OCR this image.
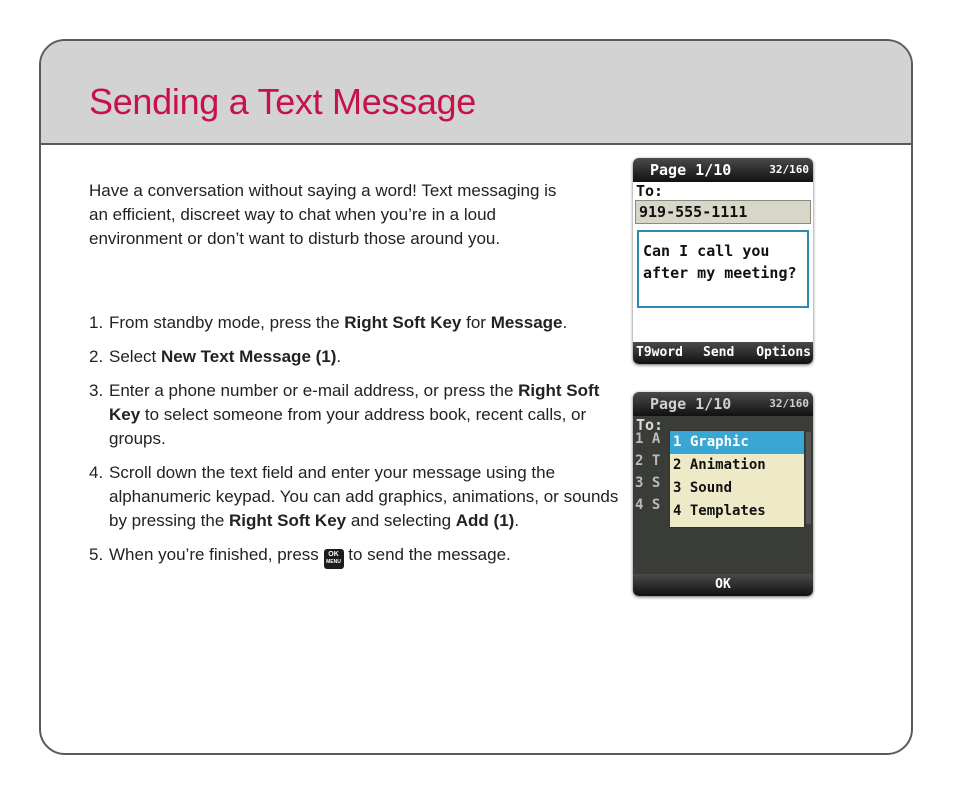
Sending a Text Message

Have a conversation without saying a word! Text messaging is an efficient, discreet way to chat when you’re in a loud environment or don’t want to disturb those around you.

1. From standby mode, press the Right Soft Key for Message.
2. Select New Text Message (1).
3. Enter a phone number or e-mail address, or press the Right Soft Key to select someone from your address book, recent calls, or groups.
4. Scroll down the text field and enter your message using the alphanumeric keypad. You can add graphics, animations, or sounds by pressing the Right Soft Key and selecting Add (1).
5. When you’re finished, press OK
MENU to send the message.
Page 1/10	32/160
To:
919-555-1111
Can I call you
after my meeting?
T9word Send Options
Page 1/10	32/160
To:
1 A
2 T
3 S
4 S
1 Graphic
2 Animation
3 Sound
4 Templates
OK
